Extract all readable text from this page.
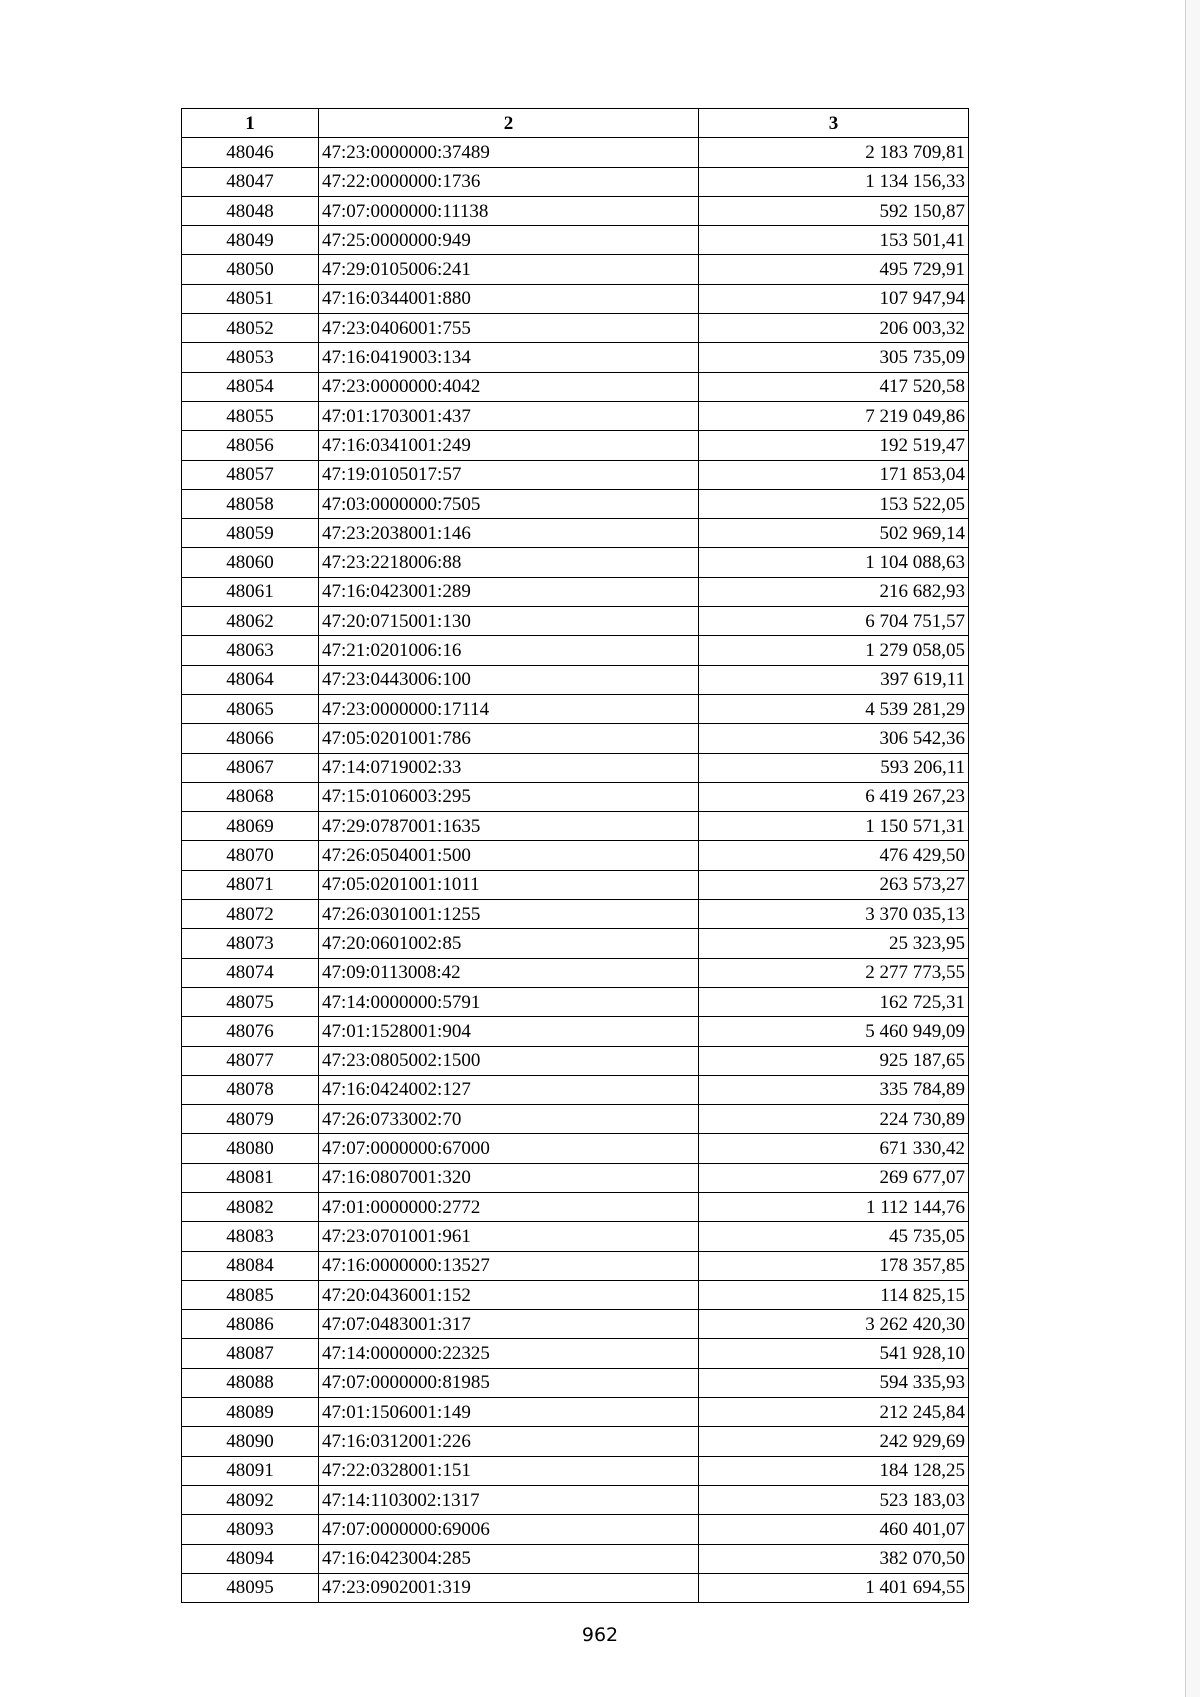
1	2	3
48046	47:23:0000000:37489	2 183 709,81
48047	47:22:0000000:1736	1 134 156,33
48048	47:07:0000000:11138	592 150,87
48049	47:25:0000000:949	153 501,41
48050	47:29:0105006:241	495 729,91
48051	47:16:0344001:880	107 947,94
48052	47:23:0406001:755	206 003,32
48053	47:16:0419003:134	305 735,09
48054	47:23:0000000:4042	417 520,58
48055	47:01:1703001:437	7 219 049,86
48056	47:16:0341001:249	192 519,47
48057	47:19:0105017:57	171 853,04
48058	47:03:0000000:7505	153 522,05
48059	47:23:2038001:146	502 969,14
48060	47:23:2218006:88	1 104 088,63
48061	47:16:0423001:289	216 682,93
48062	47:20:0715001:130	6 704 751,57
48063	47:21:0201006:16	1 279 058,05
48064	47:23:0443006:100	397 619,11
48065	47:23:0000000:17114	4 539 281,29
48066	47:05:0201001:786	306 542,36
48067	47:14:0719002:33	593 206,11
48068	47:15:0106003:295	6 419 267,23
48069	47:29:0787001:1635	1 150 571,31
48070	47:26:0504001:500	476 429,50
48071	47:05:0201001:1011	263 573,27
48072	47:26:0301001:1255	3 370 035,13
48073	47:20:0601002:85	25 323,95
48074	47:09:0113008:42	2 277 773,55
48075	47:14:0000000:5791	162 725,31
48076	47:01:1528001:904	5 460 949,09
48077	47:23:0805002:1500	925 187,65
48078	47:16:0424002:127	335 784,89
48079	47:26:0733002:70	224 730,89
48080	47:07:0000000:67000	671 330,42
48081	47:16:0807001:320	269 677,07
48082	47:01:0000000:2772	1 112 144,76
48083	47:23:0701001:961	45 735,05
48084	47:16:0000000:13527	178 357,85
48085	47:20:0436001:152	114 825,15
48086	47:07:0483001:317	3 262 420,30
48087	47:14:0000000:22325	541 928,10
48088	47:07:0000000:81985	594 335,93
48089	47:01:1506001:149	212 245,84
48090	47:16:0312001:226	242 929,69
48091	47:22:0328001:151	184 128,25
48092	47:14:1103002:1317	523 183,03
48093	47:07:0000000:69006	460 401,07
48094	47:16:0423004:285	382 070,50
48095	47:23:0902001:319	1 401 694,55
962
